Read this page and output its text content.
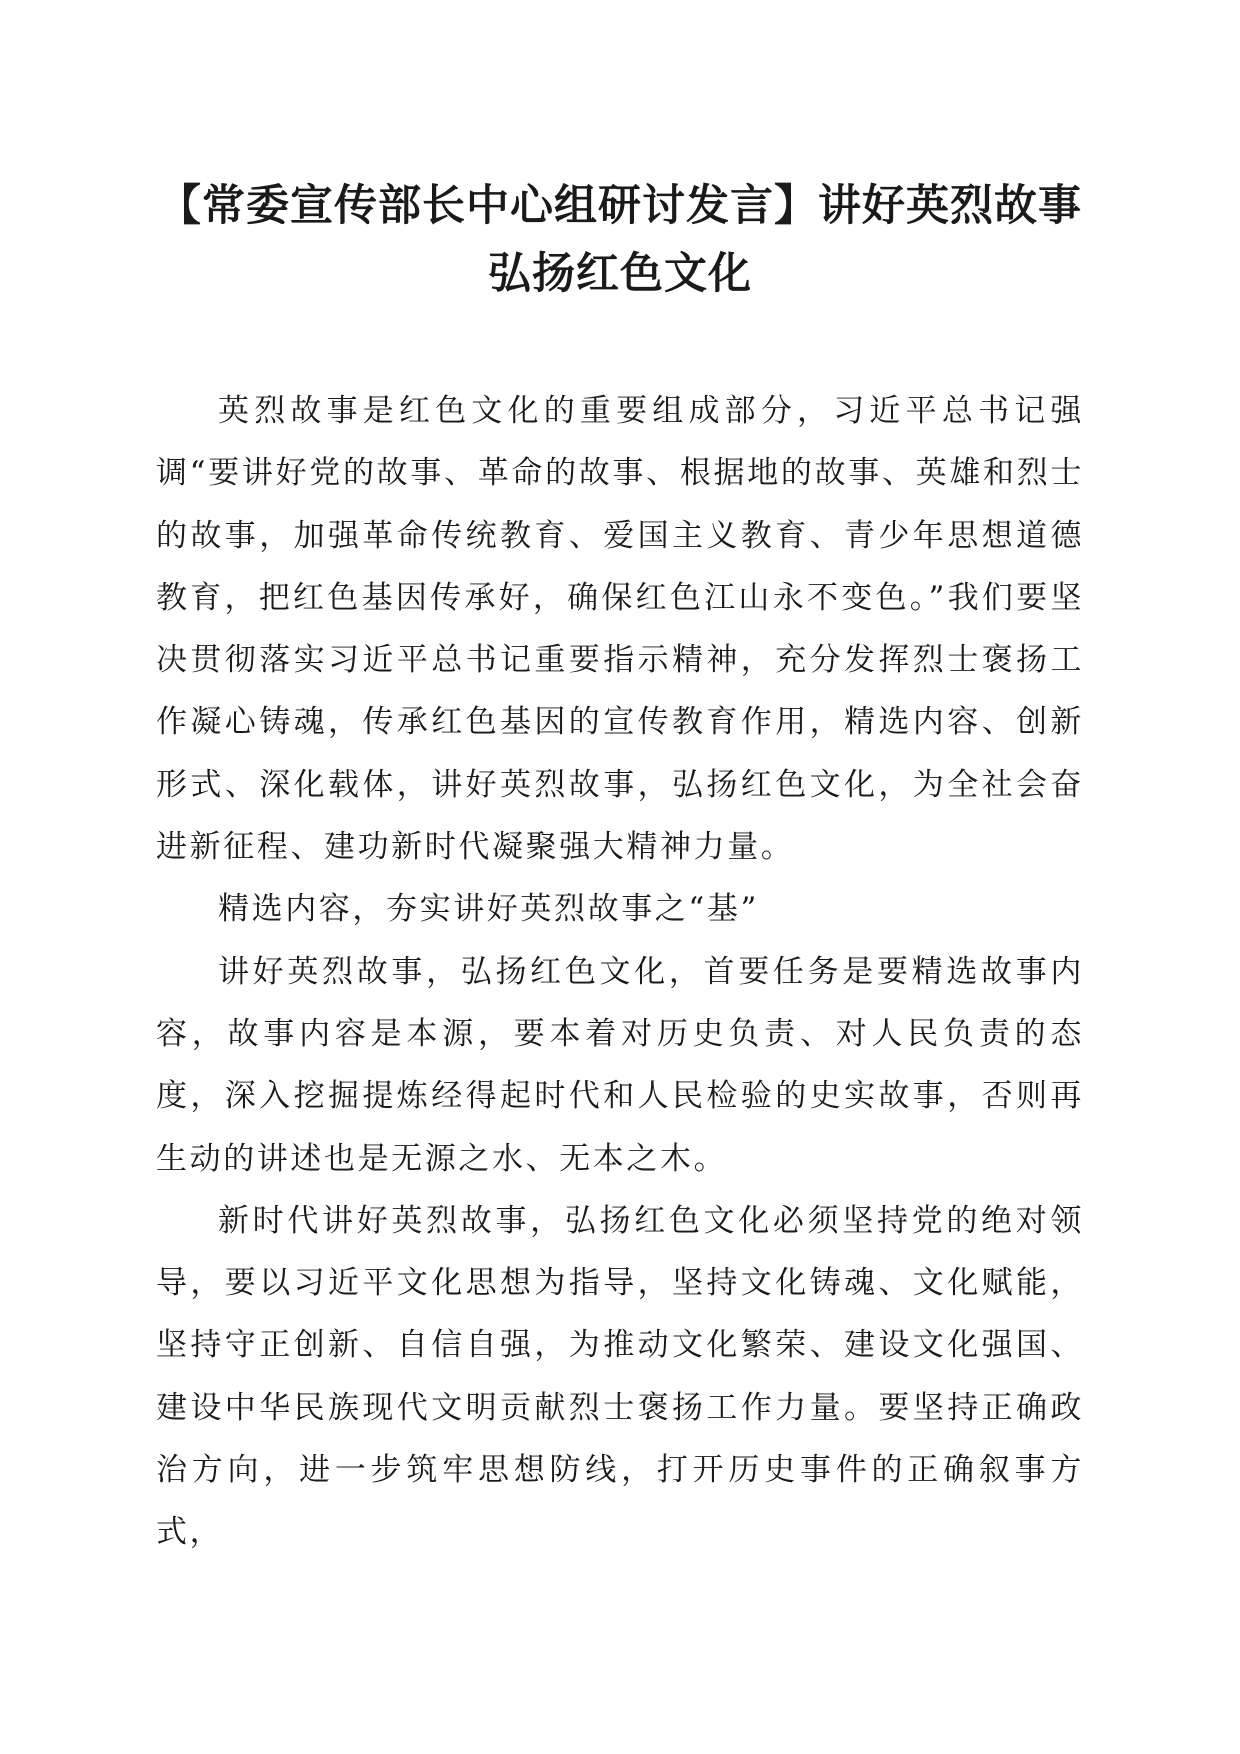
【常委宣传部长中心组研讨发言】讲好英烈故事弘扬红色文化

英烈故事是红色文化的重要组成部分，习近平总书记强调“要讲好党的故事、革命的故事、根据地的故事、英雄和烈士的故事，加强革命传统教育、爱国主义教育、青少年思想道德教育，把红色基因传承好，确保红色江山永不变色。”我们要坚决贯彻落实习近平总书记重要指示精神，充分发挥烈士褒扬工作凝心铸魂，传承红色基因的宣传教育作用，精选内容、创新形式、深化载体，讲好英烈故事，弘扬红色文化，为全社会奋进新征程、建功新时代凝聚强大精神力量。

精选内容，夯实讲好英烈故事之“基”

讲好英烈故事，弘扬红色文化，首要任务是要精选故事内容，故事内容是本源，要本着对历史负责、对人民负责的态度，深入挖掘提炼经得起时代和人民检验的史实故事，否则再生动的讲述也是无源之水、无本之木。

新时代讲好英烈故事，弘扬红色文化必须坚持党的绝对领导，要以习近平文化思想为指导，坚持文化铸魂、文化赋能，坚持守正创新、自信自强，为推动文化繁荣、建设文化强国、建设中华民族现代文明贡献烈士褒扬工作力量。要坚持正确政治方向，进一步筑牢思想防线，打开历史事件的正确叙事方式，
